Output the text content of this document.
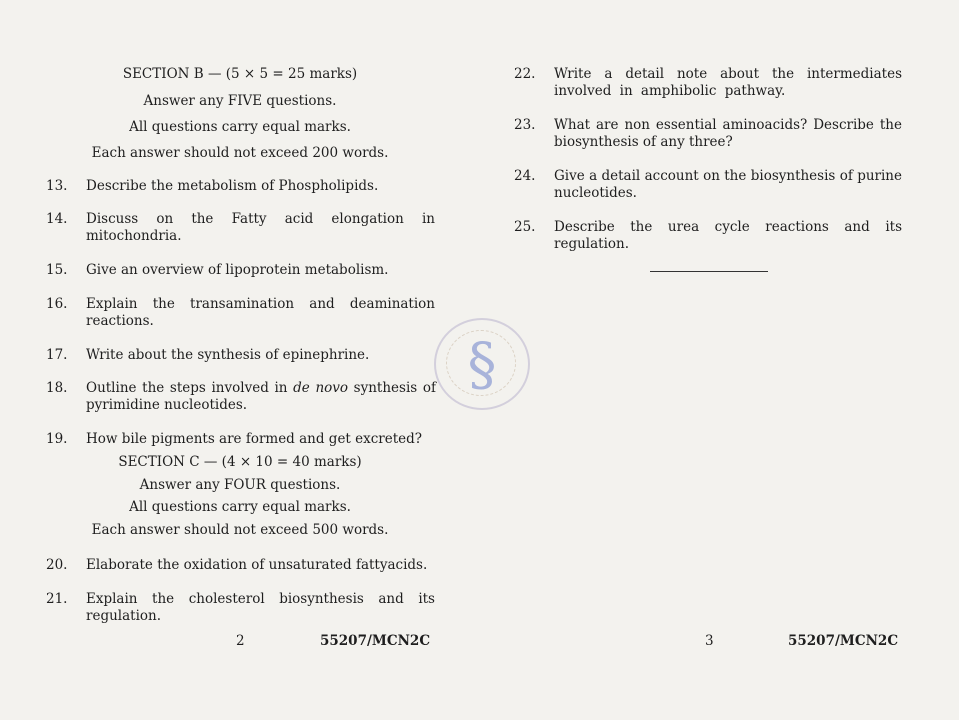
SECTION B — (5 × 5 = 25 marks)
Answer any FIVE questions.
All questions carry equal marks.
Each answer should not exceed 200 words.
13. Describe the metabolism of Phospholipids.
14. Discuss on the Fatty acid elongation in mitochondria.
15. Give an overview of lipoprotein metabolism.
16. Explain the transamination and deamination reactions.
17. Write about the synthesis of epinephrine.
18. Outline the steps involved in de novo synthesis of pyrimidine nucleotides.
19. How bile pigments are formed and get excreted?
SECTION C — (4 × 10 = 40 marks)
Answer any FOUR questions.
All questions carry equal marks.
Each answer should not exceed 500 words.
20. Elaborate the oxidation of unsaturated fattyacids.
21. Explain the cholesterol biosynthesis and its regulation.
2	55207/MCN2C
§
22. Write a detail note about the intermediates involved in amphibolic pathway.
23. What are non essential aminoacids? Describe the biosynthesis of any three?
24. Give a detail account on the biosynthesis of purine nucleotides.
25. Describe the urea cycle reactions and its regulation.
3	55207/MCN2C
